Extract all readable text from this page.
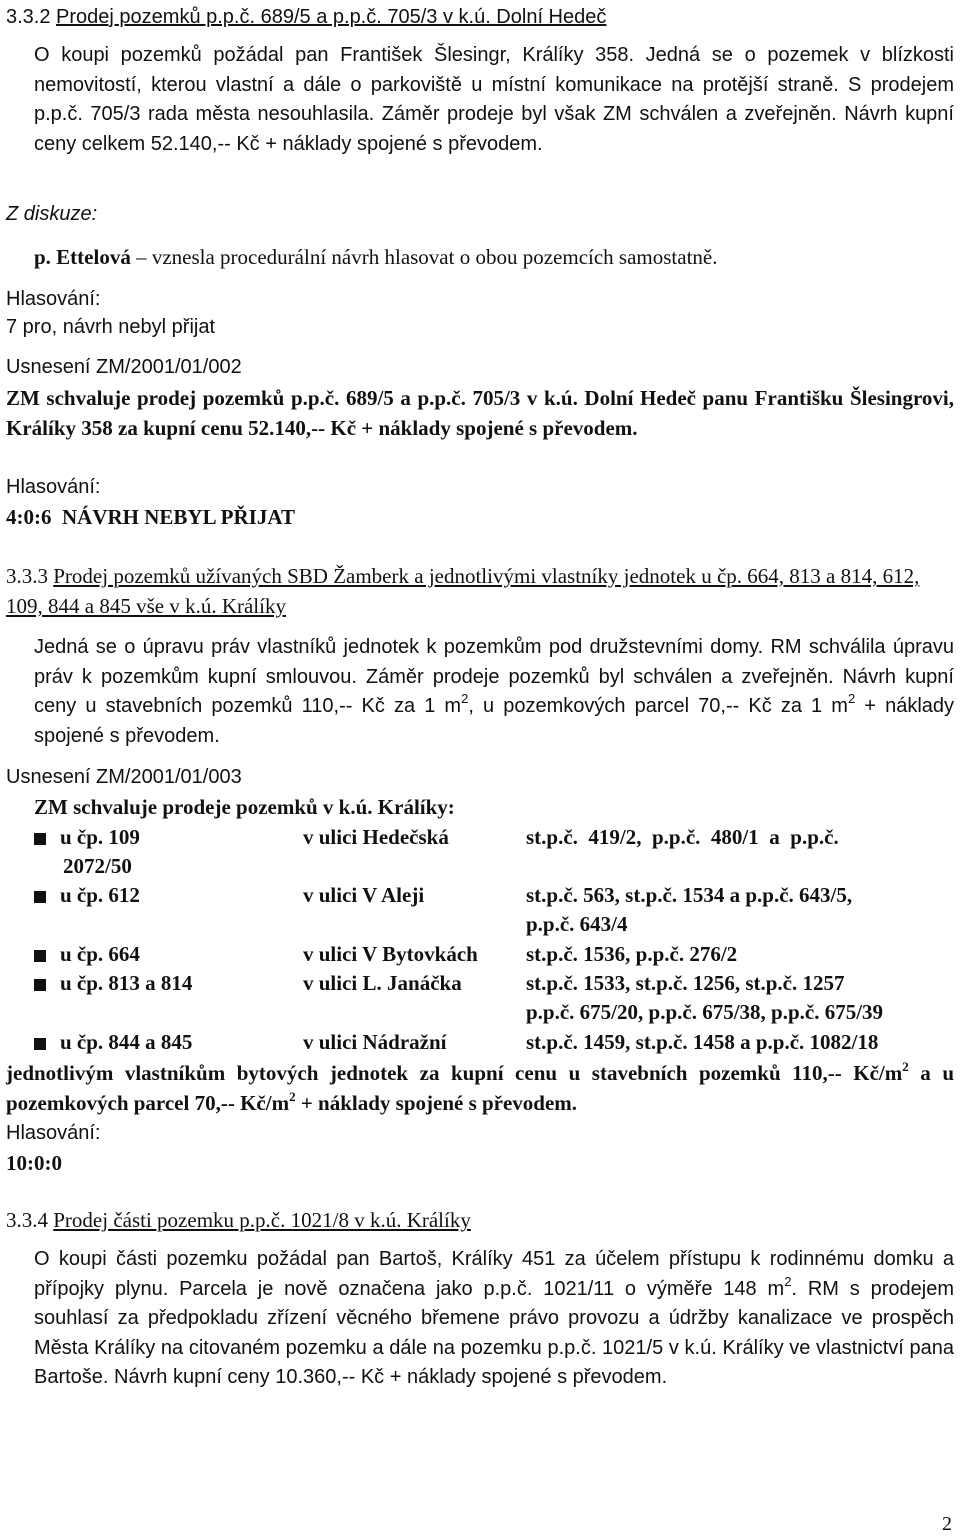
3.3.2 Prodej pozemků p.p.č. 689/5 a p.p.č. 705/3 v k.ú. Dolní Hedeč
O koupi pozemků požádal pan František Šlesingr, Králíky 358. Jedná se o pozemek v blízkosti nemovitostí, kterou vlastní a dále o parkoviště u místní komunikace na protější straně. S prodejem p.p.č. 705/3 rada města nesouhlasila. Záměr prodeje byl však ZM schválen a zveřejněn. Návrh kupní ceny celkem 52.140,-- Kč + náklady spojené s převodem.
Z diskuze:
p. Ettelová – vznesla procedurální návrh hlasovat o obou pozemcích samostatně.
Hlasování:
7 pro, návrh nebyl přijat
Usnesení ZM/2001/01/002
ZM schvaluje prodej pozemků p.p.č. 689/5 a p.p.č. 705/3 v k.ú. Dolní Hedeč panu Františku Šlesingrovi, Králíky 358 za kupní cenu 52.140,-- Kč + náklady spojené s převodem.
Hlasování:
4:0:6  NÁVRH NEBYL PŘIJAT
3.3.3 Prodej pozemků užívaných SBD Žamberk a jednotlivými vlastníky jednotek u čp. 664, 813 a 814, 612, 109, 844 a 845 vše v k.ú. Králíky
Jedná se o úpravu práv vlastníků jednotek k pozemkům pod družstevními domy. RM schválila úpravu práv k pozemkům kupní smlouvou. Záměr prodeje pozemků byl schválen a zveřejněn. Návrh kupní ceny u stavebních pozemků 110,-- Kč za 1 $m^2$, u pozemkových parcel 70,-- Kč za 1 $m^2$ + náklady spojené s převodem.
Usnesení ZM/2001/01/003
ZM schvaluje prodeje pozemků v k.ú. Králíky:
u čp. 109	v ulici Hedečská	st.p.č.  419/2,  p.p.č.  480/1  a  p.p.č.
2072/50
u čp. 612	v ulici V Aleji	st.p.č. 563, st.p.č. 1534 a p.p.č. 643/5,
p.p.č. 643/4
u čp. 664	v ulici V Bytovkách st.p.č. 1536, p.p.č. 276/2
u čp. 813 a 814	v ulici L. Janáčka	st.p.č. 1533, st.p.č. 1256, st.p.č. 1257
p.p.č. 675/20, p.p.č. 675/38, p.p.č. 675/39
u čp. 844 a 845	v ulici Nádražní	st.p.č. 1459, st.p.č. 1458 a p.p.č. 1082/18
jednotlivým vlastníkům bytových jednotek za kupní cenu u stavebních pozemků 110,-- $Kč/m^2$ a u pozemkových parcel 70,-- $Kč/m^2$ + náklady spojené s převodem.
Hlasování:
10:0:0
3.3.4 Prodej části pozemku p.p.č. 1021/8 v k.ú. Králíky
O koupi části pozemku požádal pan Bartoš, Králíky 451 za účelem přístupu k rodinnému domku a přípojky plynu. Parcela je nově označena jako p.p.č. 1021/11 o výměře 148 $m^2$. RM s prodejem souhlasí za předpokladu zřízení věcného břemene právo provozu a údržby kanalizace ve prospěch Města Králíky na citovaném pozemku a dále na pozemku p.p.č. 1021/5 v k.ú. Králíky ve vlastnictví pana Bartoše. Návrh kupní ceny 10.360,-- Kč + náklady spojené s převodem.
2
